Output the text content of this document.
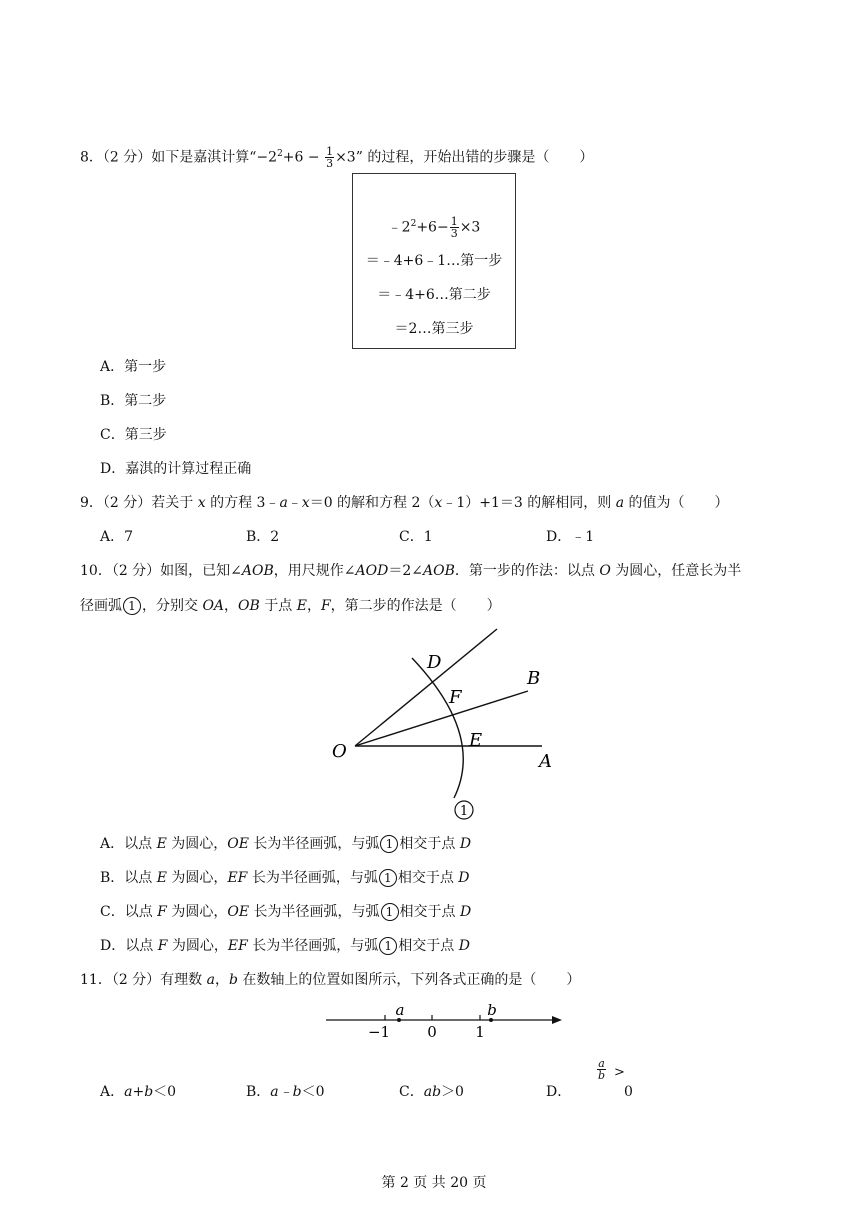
8．（2 分）如下是嘉淇计算“$-2^2+6 - \frac{1}{3} \times 3$” 的过程，开始出错的步骤是（ ）
$﹣2^2+6- \frac{1}{3} \times 3$
＝﹣4+6﹣1…第一步
＝﹣4+6…第二步
＝2…第三步
A．第一步
B．第二步
C．第三步
D．嘉淇的计算过程正确
9．（2 分）若关于 x 的方程 3﹣a﹣x＝0 的解和方程 2（x﹣1）+1＝3 的解相同，则 a 的值为（ ）
A．7	B．2	C．1	D．﹣1
10．（2 分）如图，已知∠AOB，用尺规作∠AOD＝2∠AOB．第一步的作法：以点 O 为圆心，任意长为半
径画弧 1 ，分别交 OA，OB 于点 E，F，第二步的作法是（ ）
D
B
F
O
E
A
1
A．以点 E 为圆心，OE 长为半径画弧，与弧 1 相交于点 D
B．以点 E 为圆心，EF 长为半径画弧，与弧 1 相交于点 D
C．以点 F 为圆心，OE 长为半径画弧，与弧 1 相交于点 D
D．以点 F 为圆心，EF 长为半径画弧，与弧 1 相交于点 D
11．（2 分）有理数 a，b 在数轴上的位置如图所示，下列各式正确的是（ ）
a	b
−1 0	1
A．a+b＜0	B．a﹣b＜0	C．ab＞0	D．
a
b >
0
第 2 页 共 20 页
